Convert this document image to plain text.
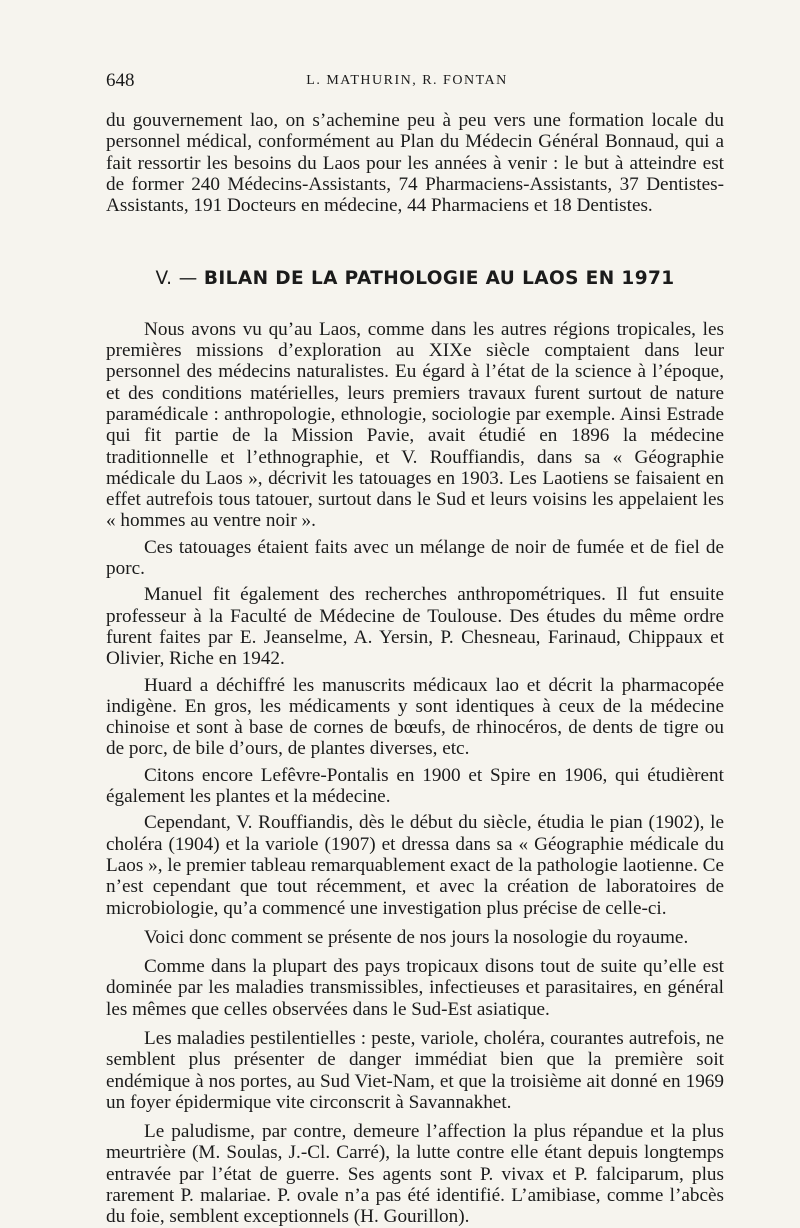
648	L. MATHURIN, R. FONTAN

du gouvernement lao, on s’achemine peu à peu vers une formation locale du personnel médical, conformément au Plan du Médecin Général Bonnaud, qui a fait ressortir les besoins du Laos pour les années à venir : le but à atteindre est de former 240 Médecins-Assistants, 74 Pharmaciens-Assistants, 37 Dentistes-Assistants, 191 Docteurs en médecine, 44 Pharmaciens et 18 Dentistes.

V. — BILAN DE LA PATHOLOGIE AU LAOS EN 1971

Nous avons vu qu’au Laos, comme dans les autres régions tropicales, les premières missions d’exploration au XIXe siècle comptaient dans leur personnel des médecins naturalistes. Eu égard à l’état de la science à l’époque, et des conditions matérielles, leurs premiers travaux furent surtout de nature paramédicale : anthropologie, ethnologie, sociologie par exemple. Ainsi Estrade qui fit partie de la Mission Pavie, avait étudié en 1896 la médecine traditionnelle et l’ethnographie, et V. Rouffiandis, dans sa « Géographie médicale du Laos », décrivit les tatouages en 1903. Les Laotiens se faisaient en effet autrefois tous tatouer, surtout dans le Sud et leurs voisins les appelaient les « hommes au ventre noir ».

Ces tatouages étaient faits avec un mélange de noir de fumée et de fiel de porc.

Manuel fit également des recherches anthropométriques. Il fut ensuite professeur à la Faculté de Médecine de Toulouse. Des études du même ordre furent faites par E. Jeanselme, A. Yersin, P. Chesneau, Farinaud, Chippaux et Olivier, Riche en 1942.

Huard a déchiffré les manuscrits médicaux lao et décrit la pharmacopée indigène. En gros, les médicaments y sont identiques à ceux de la médecine chinoise et sont à base de cornes de bœufs, de rhinocéros, de dents de tigre ou de porc, de bile d’ours, de plantes diverses, etc.

Citons encore Lefêvre-Pontalis en 1900 et Spire en 1906, qui étudièrent également les plantes et la médecine.

Cependant, V. Rouffiandis, dès le début du siècle, étudia le pian (1902), le choléra (1904) et la variole (1907) et dressa dans sa « Géographie médicale du Laos », le premier tableau remarquablement exact de la pathologie laotienne. Ce n’est cependant que tout récemment, et avec la création de laboratoires de microbiologie, qu’a commencé une investigation plus précise de celle-ci.

Voici donc comment se présente de nos jours la nosologie du royaume.

Comme dans la plupart des pays tropicaux disons tout de suite qu’elle est dominée par les maladies transmissibles, infectieuses et parasitaires, en général les mêmes que celles observées dans le Sud-Est asiatique.

Les maladies pestilentielles : peste, variole, choléra, courantes autrefois, ne semblent plus présenter de danger immédiat bien que la première soit endémique à nos portes, au Sud Viet-Nam, et que la troisième ait donné en 1969 un foyer épidermique vite circonscrit à Savannakhet.

Le paludisme, par contre, demeure l’affection la plus répandue et la plus meurtrière (M. Soulas, J.-Cl. Carré), la lutte contre elle étant depuis longtemps entravée par l’état de guerre. Ses agents sont P. vivax et P. falciparum, plus rarement P. malariae. P. ovale n’a pas été identifié. L’amibiase, comme l’abcès du foie, semblent exceptionnels (H. Gourillon).
